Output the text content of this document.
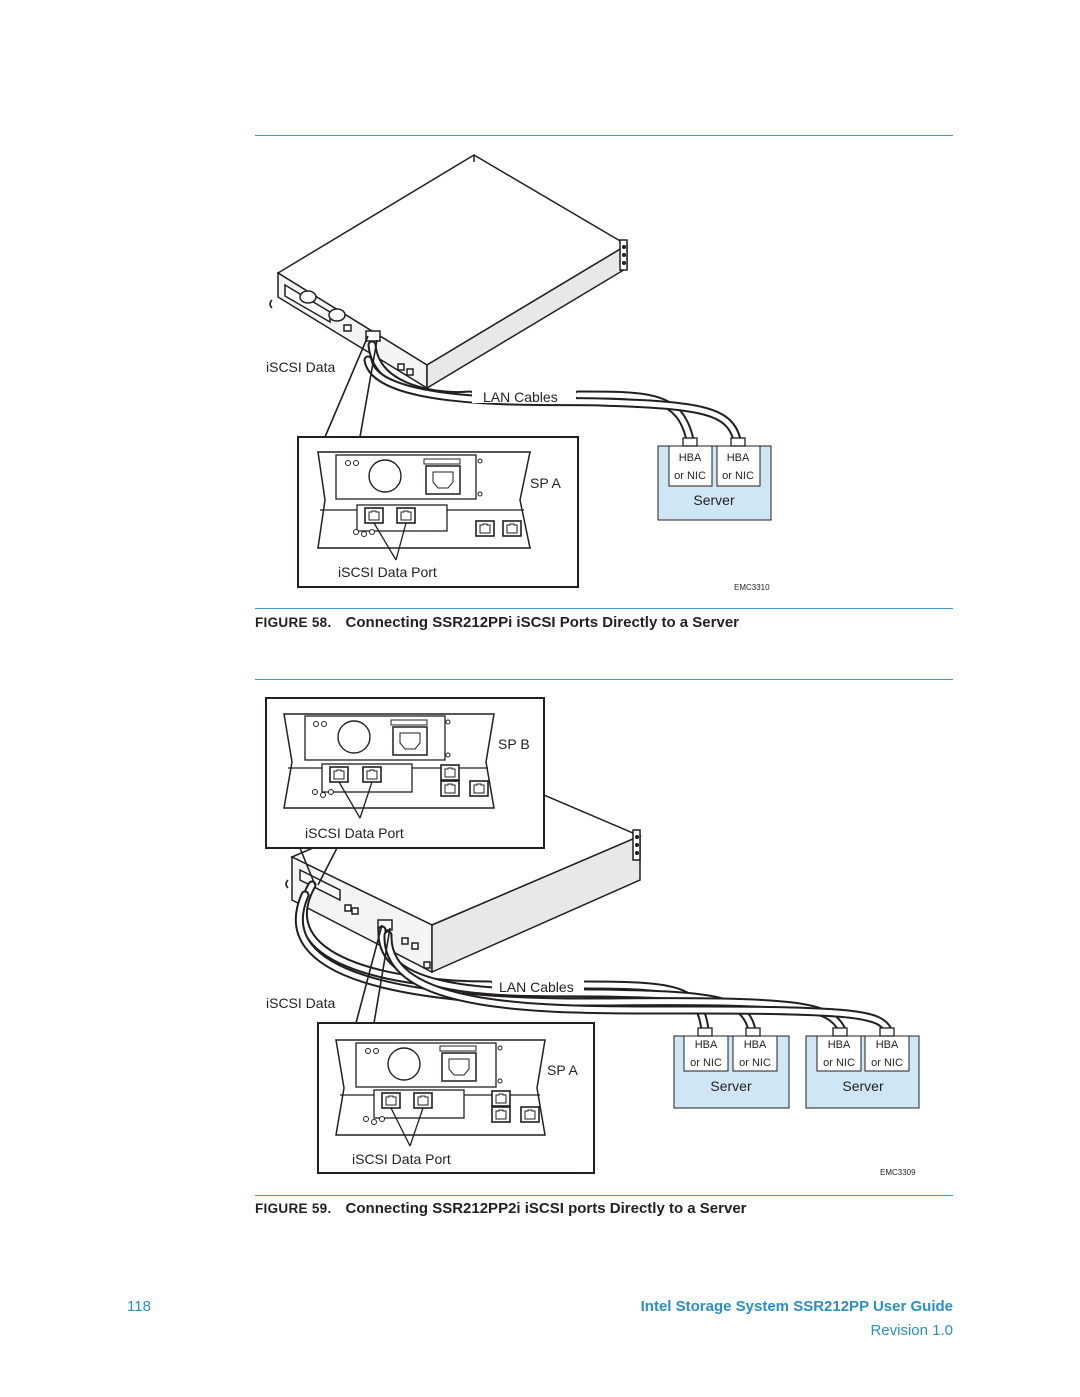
iSCSI Data
LAN Cables
SP A
iSCSI Data Port
HBA
or NIC
HBA
or NIC
Server
EMC3310
FIGURE 58. Connecting SSR212PPi iSCSI Ports Directly to a Server
SP B
iSCSI Data Port
LAN Cables
iSCSI Data
SP A
iSCSI Data Port
HBA
or NIC
HBA
or NIC
Server
HBA
or NIC
HBA
or NIC
Server
EMC3309
FIGURE 59. Connecting SSR212PP2i iSCSI ports Directly to a Server
118	Intel Storage System SSR212PP User Guide
Revision 1.0
